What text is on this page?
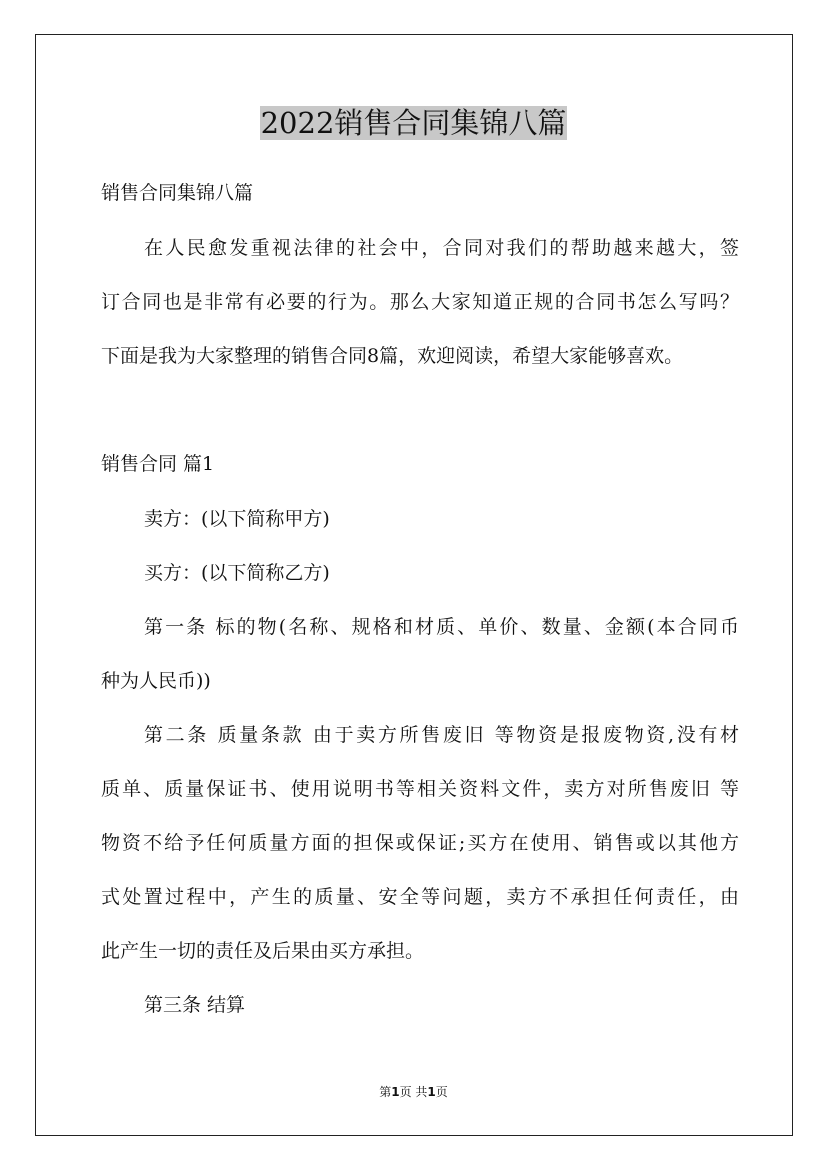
2022销售合同集锦八篇
销售合同集锦八篇
在人民愈发重视法律的社会中，合同对我们的帮助越来越大，签
订合同也是非常有必要的行为。那么大家知道正规的合同书怎么写吗？
下面是我为大家整理的销售合同8篇，欢迎阅读，希望大家能够喜欢。
销售合同 篇1
卖方：(以下简称甲方)
买方：(以下简称乙方)
第一条 标的物(名称、规格和材质、单价、数量、金额(本合同币
种为人民币))
第二条 质量条款 由于卖方所售废旧 等物资是报废物资,没有材
质单、质量保证书、使用说明书等相关资料文件，卖方对所售废旧 等
物资不给予任何质量方面的担保或保证;买方在使用、销售或以其他方
式处置过程中，产生的质量、安全等问题，卖方不承担任何责任，由
此产生一切的责任及后果由买方承担。
第三条 结算
第1页 共1页
